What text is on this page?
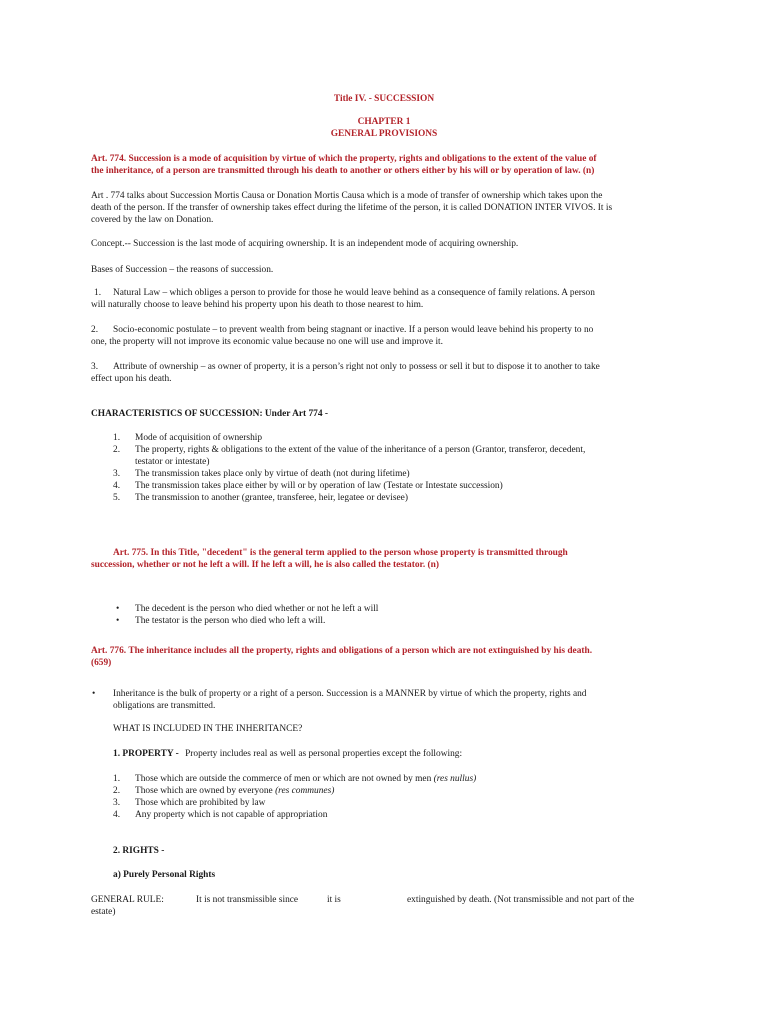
Title IV. - SUCCESSION
CHAPTER 1
GENERAL PROVISIONS
Art. 774. Succession is a mode of acquisition by virtue of which the property, rights and obligations to the extent of the value of
the inheritance, of a person are transmitted through his death to another or others either by his will or by operation of law. (n)
Art . 774 talks about Succession Mortis Causa or Donation Mortis Causa which is a mode of transfer of ownership which takes upon the
death of the person. If the transfer of ownership takes effect during the lifetime of the person, it is called DONATION INTER VIVOS. It is
covered by the law on Donation.
Concept.-- Succession is the last mode of acquiring ownership. It is an independent mode of acquiring ownership.
Bases of Succession – the reasons of succession.
1. Natural Law – which obliges a person to provide for those he would leave behind as a consequence of family relations. A person
will naturally choose to leave behind his property upon his death to those nearest to him.
2. Socio-economic postulate – to prevent wealth from being stagnant or inactive. If a person would leave behind his property to no
one, the property will not improve its economic value because no one will use and improve it.
3. Attribute of ownership – as owner of property, it is a person’s right not only to possess or sell it but to dispose it to another to take
effect upon his death.
CHARACTERISTICS OF SUCCESSION: Under Art 774 -
1. Mode of acquisition of ownership
2. The property, rights & obligations to the extent of the value of the inheritance of a person (Grantor, transferor, decedent,
testator or intestate)
3. The transmission takes place only by virtue of death (not during lifetime)
4. The transmission takes place either by will or by operation of law (Testate or Intestate succession)
5. The transmission to another (grantee, transferee, heir, legatee or devisee)
Art. 775. In this Title, "decedent" is the general term applied to the person whose property is transmitted through
succession, whether or not he left a will. If he left a will, he is also called the testator. (n)
• The decedent is the person who died whether or not he left a will
• The testator is the person who died who left a will.
Art. 776. The inheritance includes all the property, rights and obligations of a person which are not extinguished by his death.
(659)
• Inheritance is the bulk of property or a right of a person. Succession is a MANNER by virtue of which the property, rights and
obligations are transmitted.
WHAT IS INCLUDED IN THE INHERITANCE?
1. PROPERTY - Property includes real as well as personal properties except the following:
1. Those which are outside the commerce of men or which are not owned by men (res nullus)
2. Those which are owned by everyone (res communes)
3. Those which are prohibited by law
4. Any property which is not capable of appropriation
2. RIGHTS -
a) Purely Personal Rights
GENERAL RULE:	It is not transmissible since	it is	extinguished by death. (Not transmissible and not part of the
estate)
